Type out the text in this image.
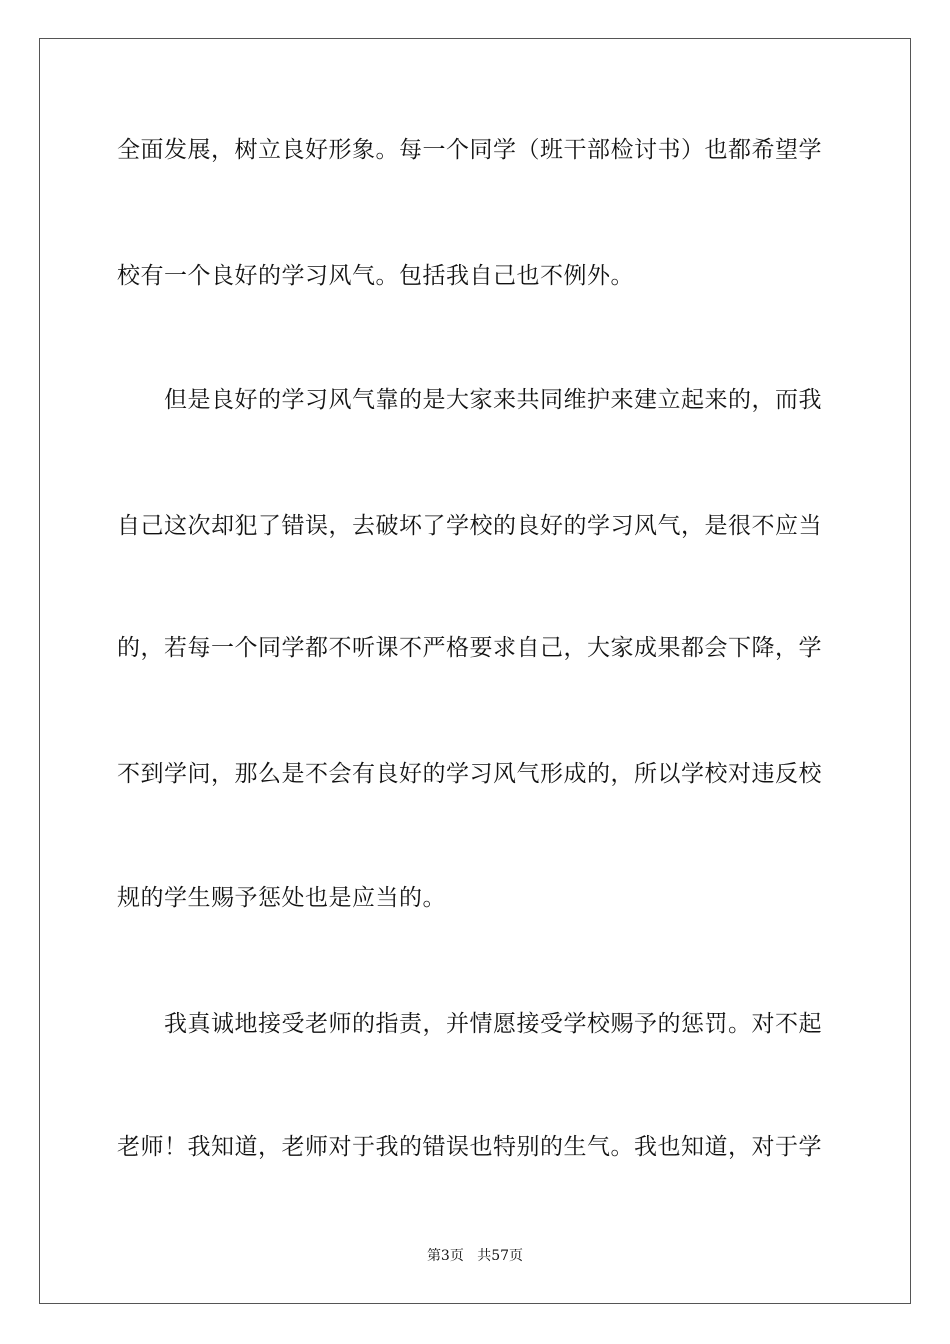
全面发展，树立良好形象。每一个同学（班干部检讨书）也都希望学
校有一个良好的学习风气。包括我自己也不例外。
　　但是良好的学习风气靠的是大家来共同维护来建立起来的，而我
自己这次却犯了错误，去破坏了学校的良好的学习风气，是很不应当
的，若每一个同学都不听课不严格要求自己，大家成果都会下降，学
不到学问，那么是不会有良好的学习风气形成的，所以学校对违反校
规的学生赐予惩处也是应当的。
　　我真诚地接受老师的指责，并情愿接受学校赐予的惩罚。对不起
老师！我知道，老师对于我的错误也特别的生气。我也知道，对于学
第3页 共57页
